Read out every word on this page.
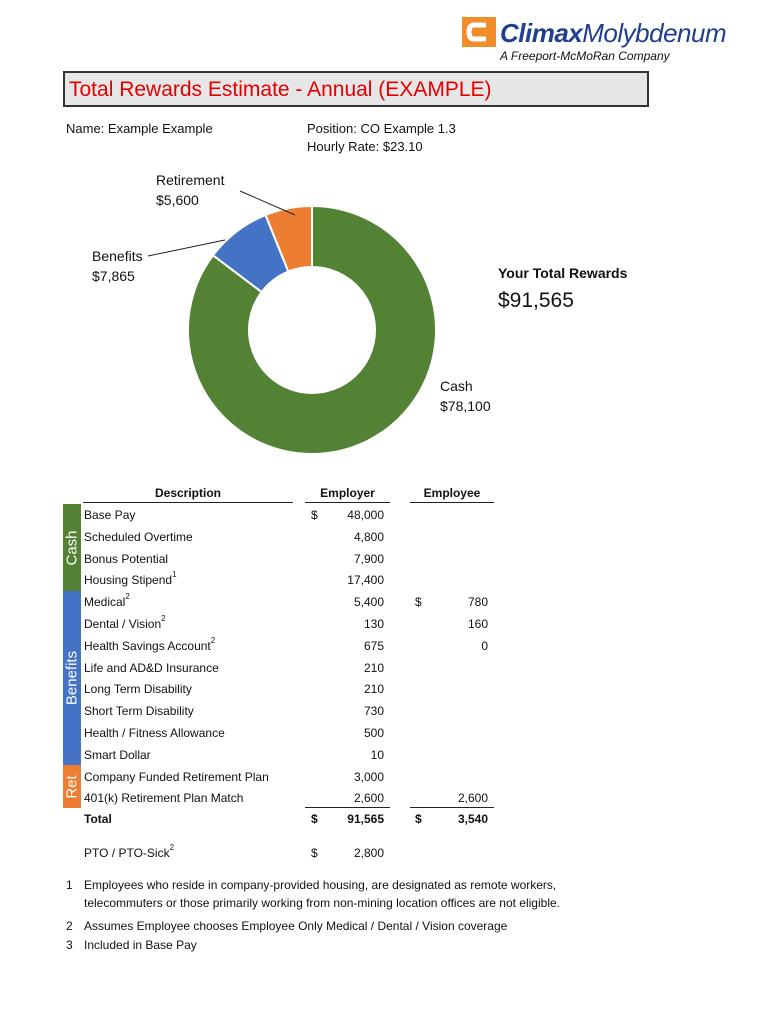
ClimaxMolybdenum
A Freeport-McMoRan Company
Total Rewards Estimate - Annual (EXAMPLE)
Name: Example Example	Position: CO Example 1.3
Hourly Rate: $23.10
Retirement
$5,600
Benefits
$7,865
Cash
$78,100
Your Total Rewards
$91,565
Description	Employer	Employee
Cash
Benefits
Ret
Base Pay	$	48,000
Scheduled Overtime	4,800
Bonus Potential	7,900
Housing Stipend$^1$	17,400
Medical$^2$	5,400	$	780
Dental / Vision$^2$	130	160
Health Savings Account$^2$	675	0
Life and AD&D Insurance	210
Long Term Disability	210
Short Term Disability	730
Health / Fitness Allowance	500
Smart Dollar	10
Company Funded Retirement Plan	3,000
401(k) Retirement Plan Match	2,600	2,600
Total	$	91,565	$	3,540
PTO / PTO-Sick$^2$	$	2,800
1 Employees who reside in company-provided housing, are designated as remote workers,
telecommuters or those primarily working from non-mining location offices are not eligible.
2 Assumes Employee chooses Employee Only Medical / Dental / Vision coverage
3 Included in Base Pay
